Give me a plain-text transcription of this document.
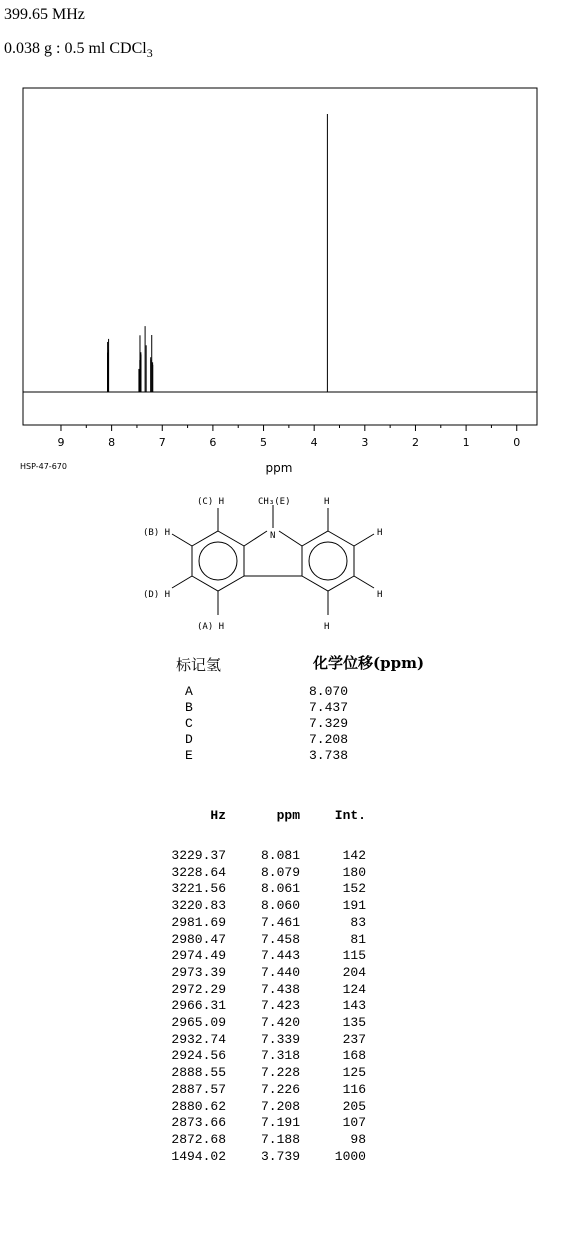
399.65 MHz
0.038 g : 0.5 ml CDCl$_3$
9	8	7	6	5	4	3	2	1	0
ppm
(C) H	CH₃(E)	H
(B) H	N	H
(D) H	H
(A) H	H
HSP-47-670
标记氢	化学位移(ppm)
A	8.070
B	7.437
C	7.329
D	7.208
E	3.738
Hz	ppm	Int.
3229.37	8.081	142
3228.64	8.079	180
3221.56	8.061	152
3220.83	8.060	191
2981.69	7.461	83
2980.47	7.458	81
2974.49	7.443	115
2973.39	7.440	204
2972.29	7.438	124
2966.31	7.423	143
2965.09	7.420	135
2932.74	7.339	237
2924.56	7.318	168
2888.55	7.228	125
2887.57	7.226	116
2880.62	7.208	205
2873.66	7.191	107
2872.68	7.188	98
1494.02	3.739	1000
